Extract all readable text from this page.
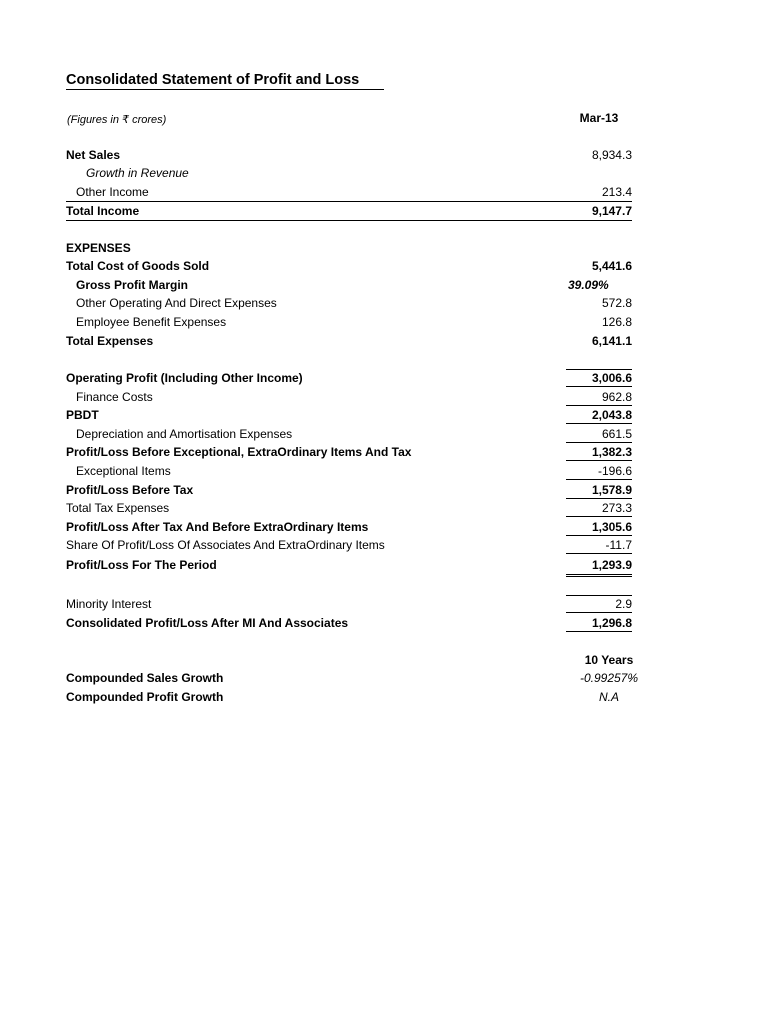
Consolidated Statement of Profit and Loss
(Figures in ₹ crores)	Mar-13
Net Sales	8,934.3
Growth in Revenue
Other Income	213.4
Total Income	9,147.7
EXPENSES
Total Cost of Goods Sold	5,441.6
Gross Profit Margin	39.09%
Other Operating And Direct Expenses	572.8
Employee Benefit Expenses	126.8
Total Expenses	6,141.1
Operating Profit (Including Other Income)	3,006.6
Finance Costs	962.8
PBDT	2,043.8
Depreciation and Amortisation Expenses	661.5
Profit/Loss Before Exceptional, ExtraOrdinary Items And Tax	1,382.3
Exceptional Items	-196.6
Profit/Loss Before Tax	1,578.9
Total Tax Expenses	273.3
Profit/Loss After Tax And Before ExtraOrdinary Items	1,305.6
Share Of Profit/Loss Of Associates And ExtraOrdinary Items	-11.7
Profit/Loss For The Period	1,293.9
Minority Interest	2.9
Consolidated Profit/Loss After MI And Associates	1,296.8
10 Years
Compounded Sales Growth	-0.99257%
Compounded Profit Growth	N.A
